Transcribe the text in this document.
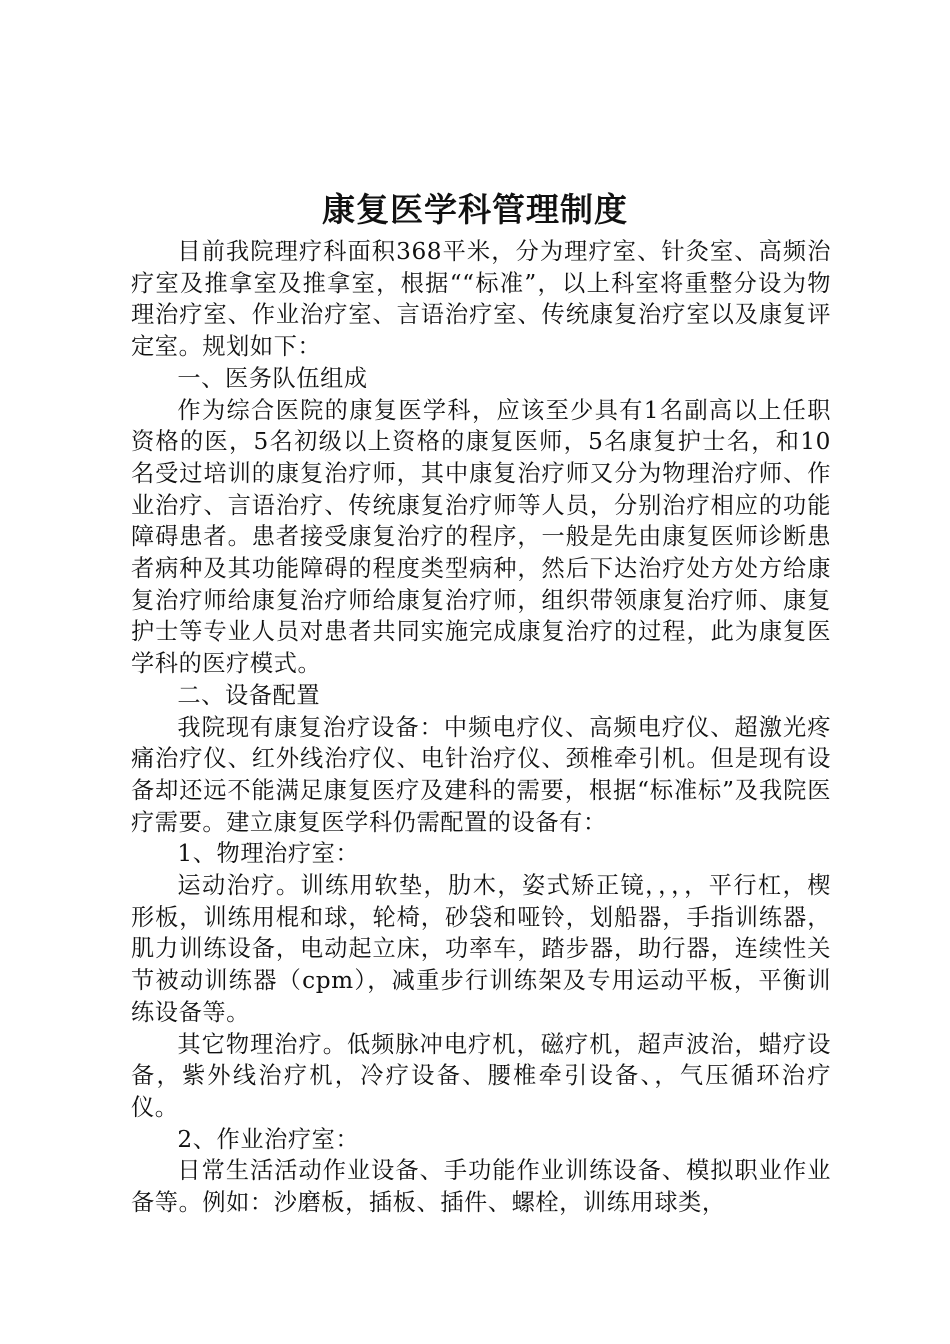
康复医学科管理制度

目前我院理疗科面积368平米，分为理疗室、针灸室、高频治疗室及推拿室及推拿室，根据““标准”，以上科室将重整分设为物理治疗室、作业治疗室、言语治疗室、传统康复治疗室以及康复评定室。规划如下：

一、医务队伍组成

作为综合医院的康复医学科，应该至少具有1名副高以上任职资格的医，5名初级以上资格的康复医师，5名康复护士名，和10名受过培训的康复治疗师，其中康复治疗师又分为物理治疗师、作业治疗、言语治疗、传统康复治疗师等人员，分别治疗相应的功能障碍患者。患者接受康复治疗的程序，一般是先由康复医师诊断患者病种及其功能障碍的程度类型病种，然后下达治疗处方处方给康复治疗师给康复治疗师给康复治疗师，组织带领康复治疗师、康复护士等专业人员对患者共同实施完成康复治疗的过程，此为康复医学科的医疗模式。

二、设备配置

我院现有康复治疗设备：中频电疗仪、高频电疗仪、超激光疼痛治疗仪、红外线治疗仪、电针治疗仪、颈椎牵引机。但是现有设备却还远不能满足康复医疗及建科的需要，根据“标准标”及我院医疗需要。建立康复医学科仍需配置的设备有：

1、物理治疗室：

运动治疗。训练用软垫，肋木，姿式矫正镜，，，，平行杠，楔形板，训练用棍和球，轮椅，砂袋和哑铃，划船器，手指训练器，肌力训练设备，电动起立床，功率车，踏步器，助行器，连续性关节被动训练器（cpm），减重步行训练架及专用运动平板，平衡训练设备等。

其它物理治疗。低频脉冲电疗机，磁疗机，超声波治，蜡疗设备，紫外线治疗机，冷疗设备、腰椎牵引设备、，气压循环治疗仪。

2、作业治疗室：

日常生活活动作业设备、手功能作业训练设备、模拟职业作业备等。例如：沙磨板，插板、插件、螺栓，训练用球类，
